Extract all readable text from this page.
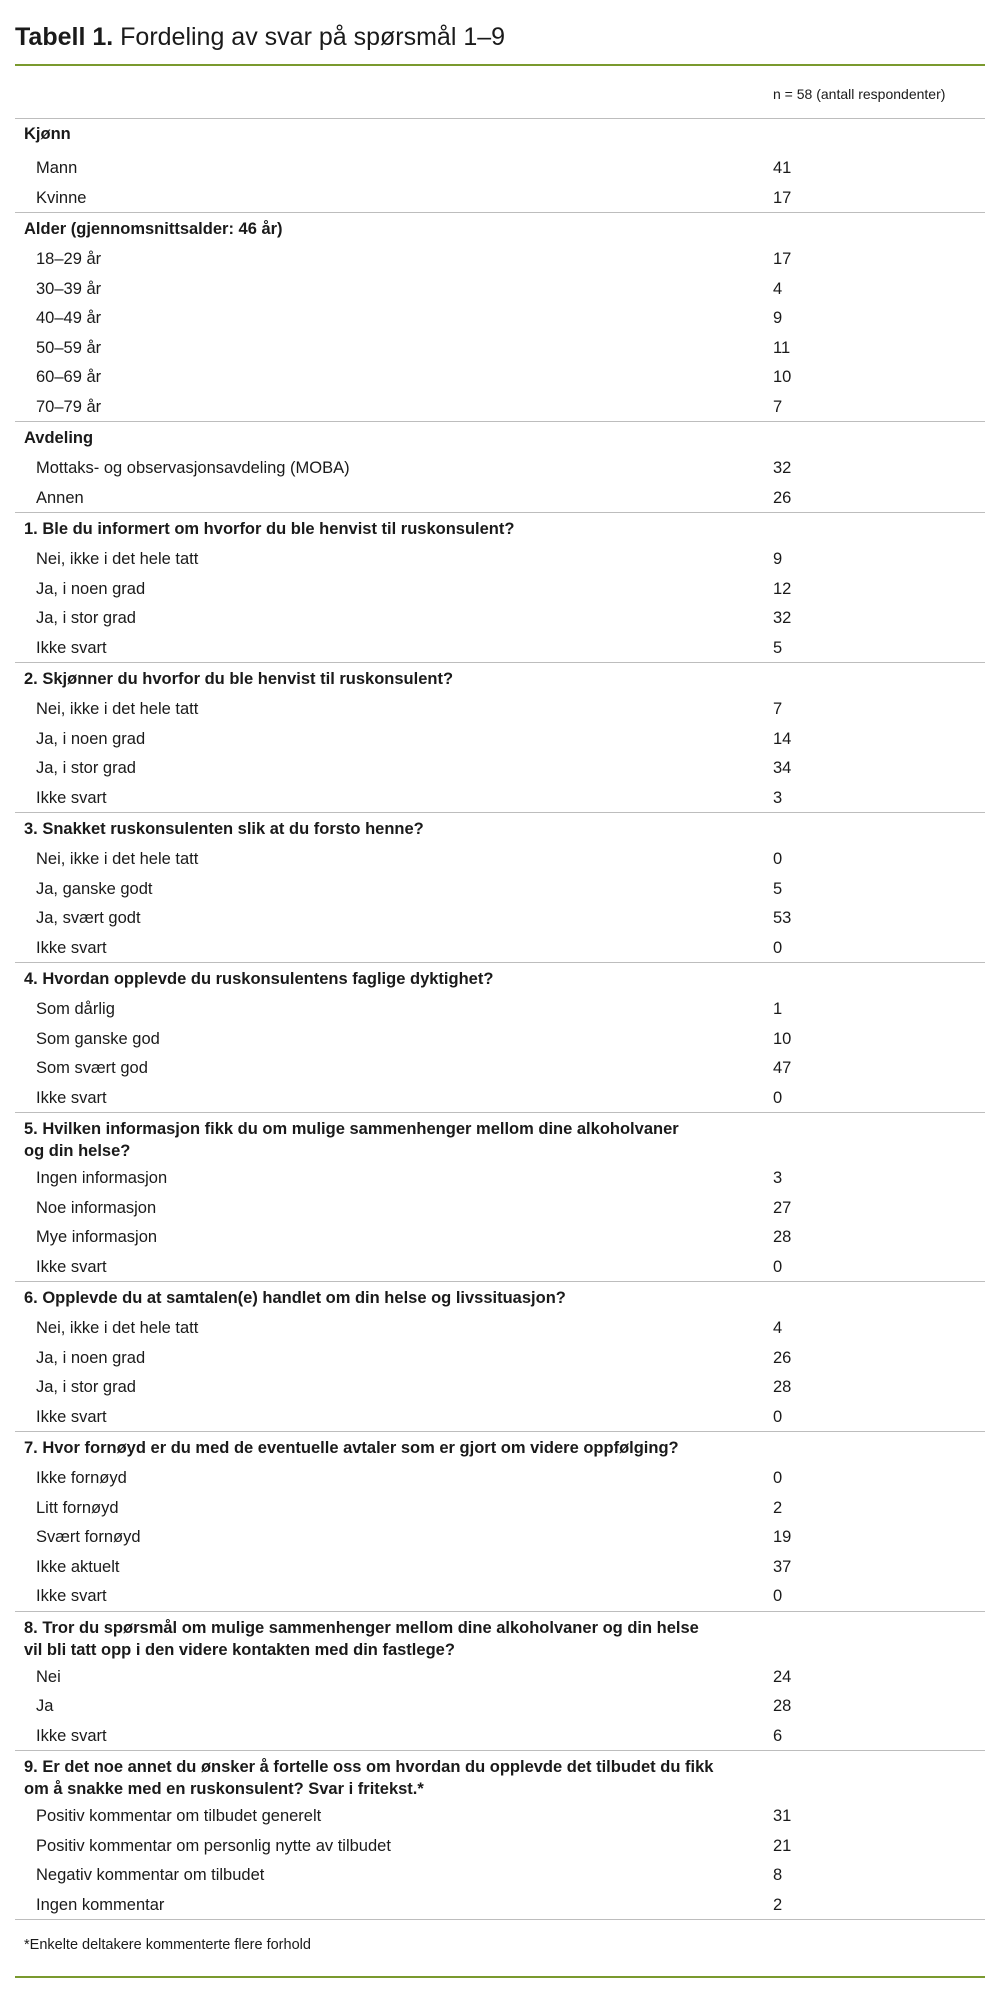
Tabell 1. Fordeling av svar på spørsmål 1–9
n = 58 (antall respondenter)
Kjønn
Mann	41
Kvinne	17
Alder (gjennomsnittsalder: 46 år)
18–29 år	17
30–39 år	4
40–49 år	9
50–59 år	11
60–69 år	10
70–79 år	7
Avdeling
Mottaks- og observasjonsavdeling (MOBA)	32
Annen	26
1. Ble du informert om hvorfor du ble henvist til ruskonsulent?
Nei, ikke i det hele tatt	9
Ja, i noen grad	12
Ja, i stor grad	32
Ikke svart	5
2. Skjønner du hvorfor du ble henvist til ruskonsulent?
Nei, ikke i det hele tatt	7
Ja, i noen grad	14
Ja, i stor grad	34
Ikke svart	3
3. Snakket ruskonsulenten slik at du forsto henne?
Nei, ikke i det hele tatt	0
Ja, ganske godt	5
Ja, svært godt	53
Ikke svart	0
4. Hvordan opplevde du ruskonsulentens faglige dyktighet?
Som dårlig	1
Som ganske god	10
Som svært god	47
Ikke svart	0
5. Hvilken informasjon fikk du om mulige sammenhenger mellom dine alkoholvaner
og din helse?
Ingen informasjon	3
Noe informasjon	27
Mye informasjon	28
Ikke svart	0
6. Opplevde du at samtalen(e) handlet om din helse og livssituasjon?
Nei, ikke i det hele tatt	4
Ja, i noen grad	26
Ja, i stor grad	28
Ikke svart	0
7. Hvor fornøyd er du med de eventuelle avtaler som er gjort om videre oppfølging?
Ikke fornøyd	0
Litt fornøyd	2
Svært fornøyd	19
Ikke aktuelt	37
Ikke svart	0
8. Tror du spørsmål om mulige sammenhenger mellom dine alkoholvaner og din helse
vil bli tatt opp i den videre kontakten med din fastlege?
Nei	24
Ja	28
Ikke svart	6
9. Er det noe annet du ønsker å fortelle oss om hvordan du opplevde det tilbudet du fikk
om å snakke med en ruskonsulent? Svar i fritekst.*
Positiv kommentar om tilbudet generelt	31
Positiv kommentar om personlig nytte av tilbudet	21
Negativ kommentar om tilbudet	8
Ingen kommentar	2
*Enkelte deltakere kommenterte flere forhold
